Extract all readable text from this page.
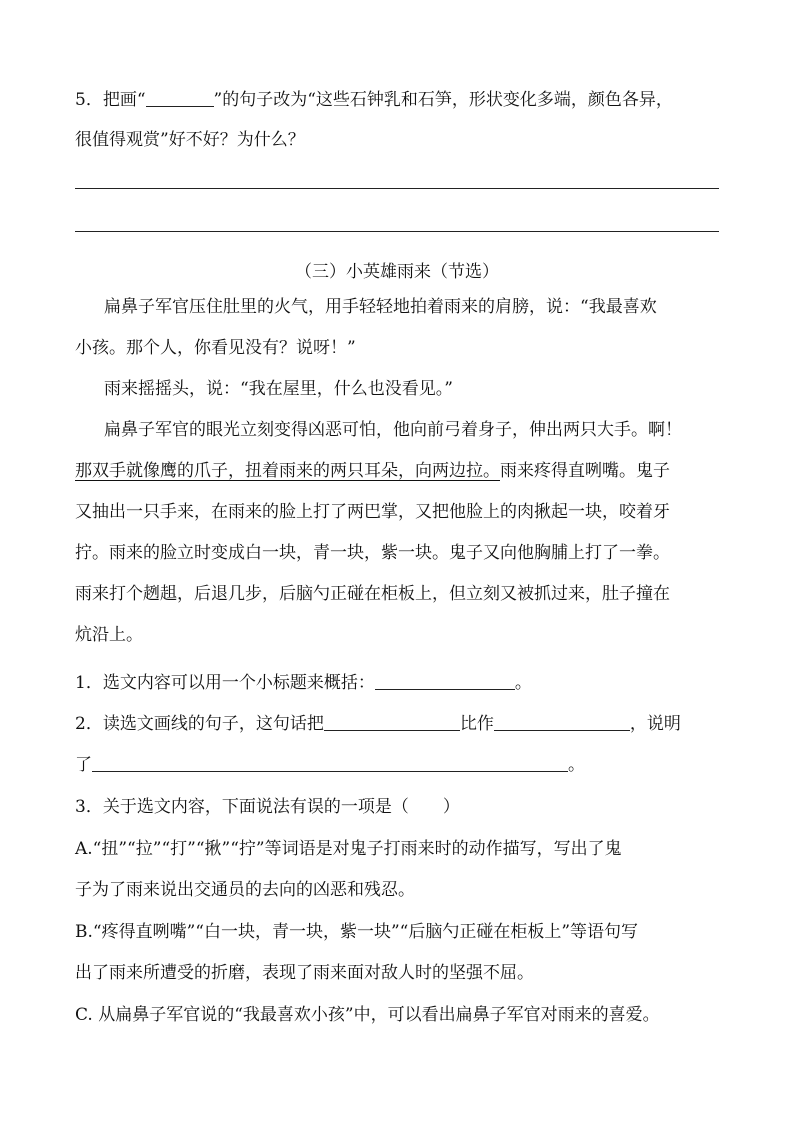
5．把画“	”的句子改为“这些石钟乳和石笋，形状变化多端，颜色各异，
很值得观赏”好不好？为什么？
（三）小英雄雨来（节选）
扁鼻子军官压住肚里的火气，用手轻轻地拍着雨来的肩膀，说：“我最喜欢
小孩。那个人，你看见没有？说呀！”
雨来摇摇头，说：“我在屋里，什么也没看见。”
扁鼻子军官的眼光立刻变得凶恶可怕，他向前弓着身子，伸出两只大手。啊！
那双手就像鹰的爪子，扭着雨来的两只耳朵，向两边拉。雨来疼得直咧嘴。鬼子
又抽出一只手来，在雨来的脸上打了两巴掌，又把他脸上的肉揪起一块，咬着牙
拧。雨来的脸立时变成白一块，青一块，紫一块。鬼子又向他胸脯上打了一拳。
雨来打个趔趄，后退几步，后脑勺正碰在柜板上，但立刻又被抓过来，肚子撞在
炕沿上。
1．选文内容可以用一个小标题来概括：	。
2．读选文画线的句子，这句话把	比作	，说明
了	。
3．关于选文内容，下面说法有误的一项是（　　）
A.“扭”“拉”“打”“揪”“拧”等词语是对鬼子打雨来时的动作描写，写出了鬼
子为了雨来说出交通员的去向的凶恶和残忍。
B.“疼得直咧嘴”“白一块，青一块，紫一块”“后脑勺正碰在柜板上”等语句写
出了雨来所遭受的折磨，表现了雨来面对敌人时的坚强不屈。
C. 从扁鼻子军官说的“我最喜欢小孩”中，可以看出扁鼻子军官对雨来的喜爱。
